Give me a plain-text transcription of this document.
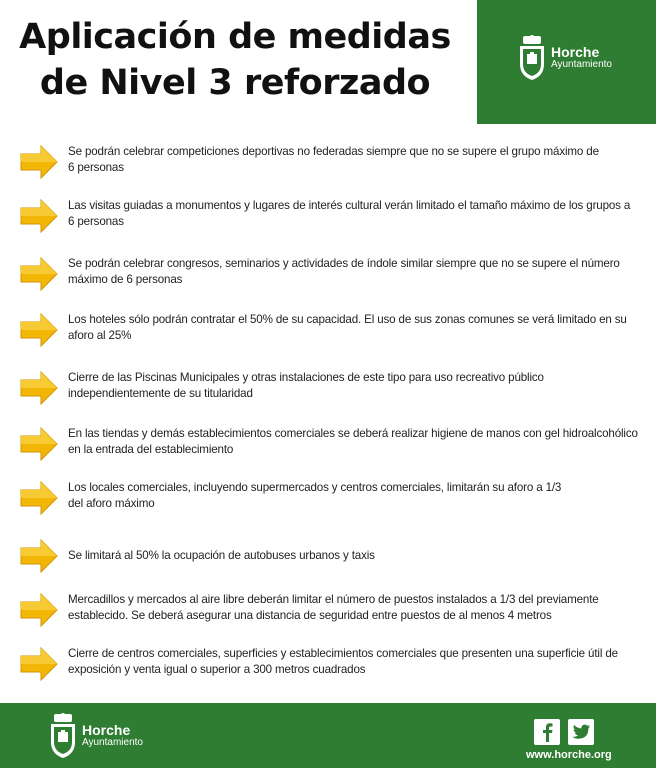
Aplicación de medidas
de Nivel 3 reforzado
Horche
Ayuntamiento
Se podrán celebrar competiciones deportivas no federadas siempre que no se supere el grupo máximo de
6 personas
Las visitas guiadas a monumentos y lugares de interés cultural verán limitado el tamaño máximo de los grupos a
6 personas
Se podrán celebrar congresos, seminarios y actividades de índole similar siempre que no se supere el número
máximo de 6 personas
Los hoteles sólo podrán contratar el 50% de su capacidad. El uso de sus zonas comunes se verá limitado en su
aforo al 25%
Cierre de las Piscinas Municipales y otras instalaciones de este tipo para uso recreativo público
independientemente de su titularidad
En las tiendas y demás establecimientos comerciales se deberá realizar higiene de manos con gel hidroalcohólico
en la entrada del establecimiento
Los locales comerciales, incluyendo supermercados y centros comerciales, limitarán su aforo a 1/3
del aforo máximo
Se limitará al 50% la ocupación de autobuses urbanos y taxis
Mercadillos y mercados al aire libre deberán limitar el número de puestos instalados a 1/3 del previamente
establecido. Se deberá asegurar una distancia de seguridad entre puestos de al menos 4 metros
Cierre de centros comerciales, superficies y establecimientos comerciales que presenten una superficie útil de
exposición y venta igual o superior a 300 metros cuadrados
Horche
Ayuntamiento
www.horche.org
